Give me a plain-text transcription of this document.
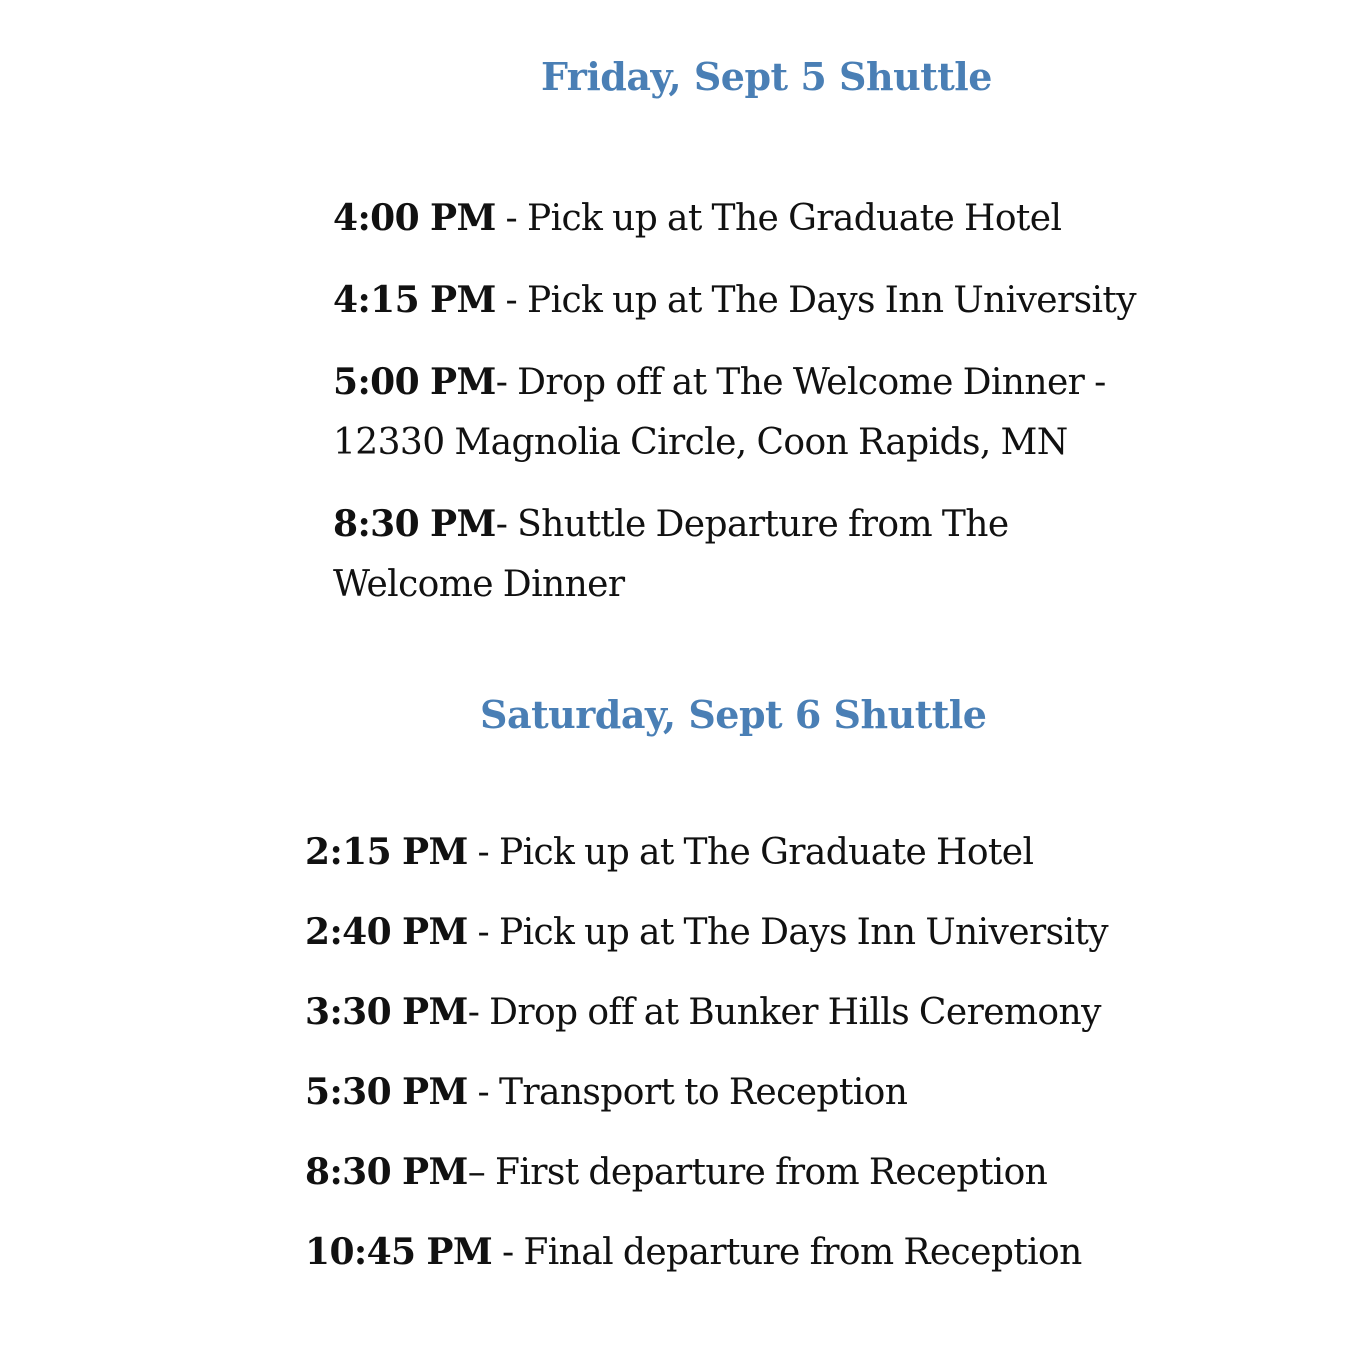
Friday, Sept 5 Shuttle
4:00 PM - Pick up at The Graduate Hotel
4:15 PM - Pick up at The Days Inn University
5:00 PM- Drop off at The Welcome Dinner - 12330 Magnolia Circle, Coon Rapids, MN
8:30 PM- Shuttle Departure from The Welcome Dinner
Saturday, Sept 6 Shuttle
2:15 PM - Pick up at The Graduate Hotel
2:40 PM - Pick up at The Days Inn University
3:30 PM- Drop off at Bunker Hills Ceremony
5:30 PM - Transport to Reception
8:30 PM– First departure from Reception
10:45 PM - Final departure from Reception
